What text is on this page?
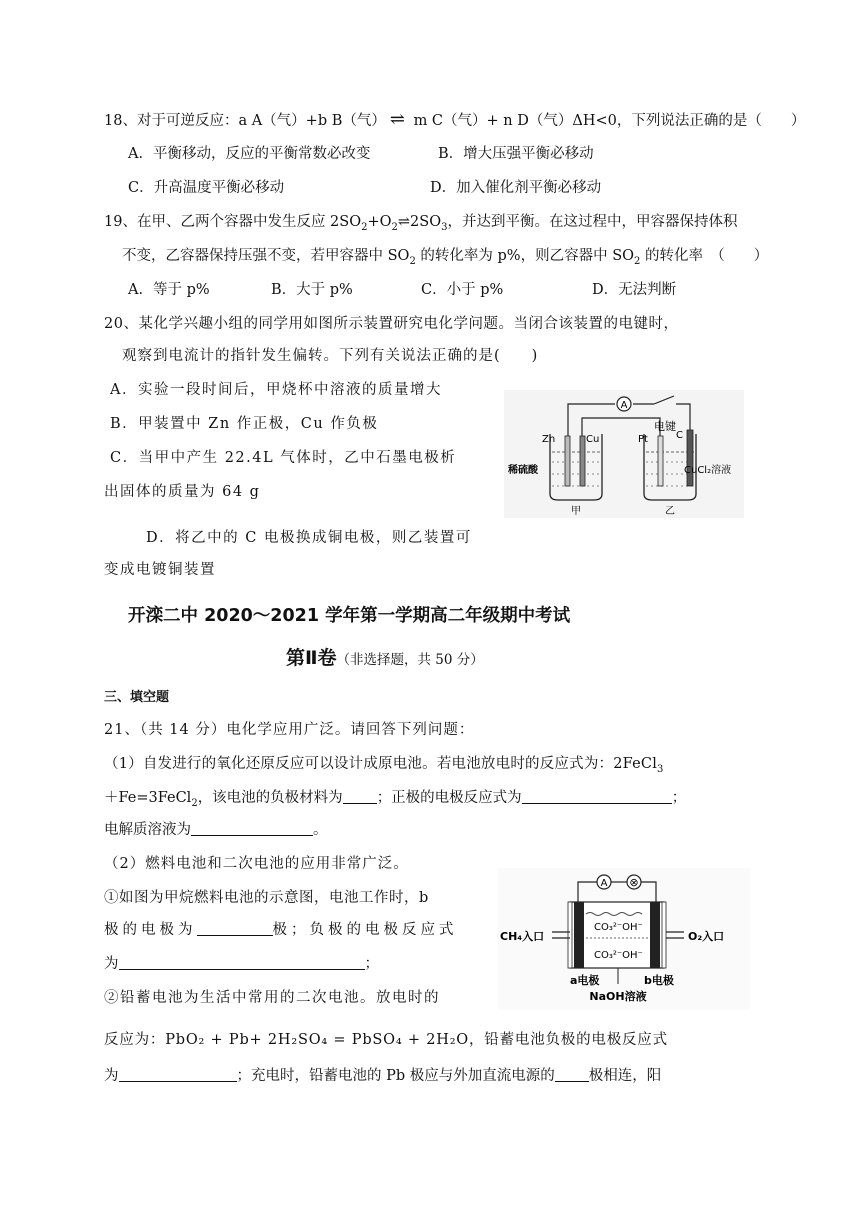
18、对于可逆反应：a A（气）+b B（气） ⇌ m C（气）+ n D（气）ΔH<0，下列说法正确的是（　　）
A．平衡移动，反应的平衡常数必改变	B．增大压强平衡必移动
C．升高温度平衡必移动	D．加入催化剂平衡必移动
19、在甲、乙两个容器中发生反应 $2SO_2+O_2\rightleftharpoons 2SO_3$，并达到平衡。在这过程中，甲容器保持体积
不变，乙容器保持压强不变，若甲容器中 $SO_2$ 的转化率为 p%，则乙容器中 $SO_2$ 的转化率　（　　）
A．等于 p%	B．大于 p%	C．小于 p%	D．无法判断
20、某化学兴趣小组的同学用如图所示装置研究电化学问题。当闭合该装置的电键时，
观察到电流计的指针发生偏转。下列有关说法正确的是(　　)
A．实验一段时间后，甲烧杯中溶液的质量增大
B．甲装置中 Zn 作正极，Cu 作负极
C．当甲中产生 22.4L 气体时，乙中石墨电极析
出固体的质量为 64 g
D．将乙中的 C 电极换成铜电极，则乙装置可
变成电镀铜装置
A
电键
Zn	Cu
稀硫酸
甲
Pt	C
CuCl₂溶液
乙
开滦二中 2020～2021 学年第一学期高二年级期中考试
第Ⅱ卷（非选择题，共 50 分）
三、填空题
21、（共 14 分）电化学应用广泛。请回答下列问题：
（1）自发进行的氧化还原反应可以设计成原电池。若电池放电时的反应式为：2FeCl$_3$
＋Fe=3FeCl$_2$，该电池的负极材料为 ；正极的电极反应式为	；
电解质溶液为	。
（2）燃料电池和二次电池的应用非常广泛。
①如图为甲烷燃料电池的示意图，电池工作时，b
极的电极为	极；负极的电极反应式
为	；
②铅蓄电池为生活中常用的二次电池。放电时的
反应为：PbO₂ + Pb+ 2H₂SO₄ = PbSO₄ + 2H₂O，铅蓄电池负极的电极反应式
为	；充电时，铅蓄电池的 Pb 极应与外加直流电源的 极相连，阳
A ⊗
CO₃²⁻OH⁻
CO₃²⁻OH⁻
CH₄入口	O₂入口
a电极	b电极
NaOH溶液
